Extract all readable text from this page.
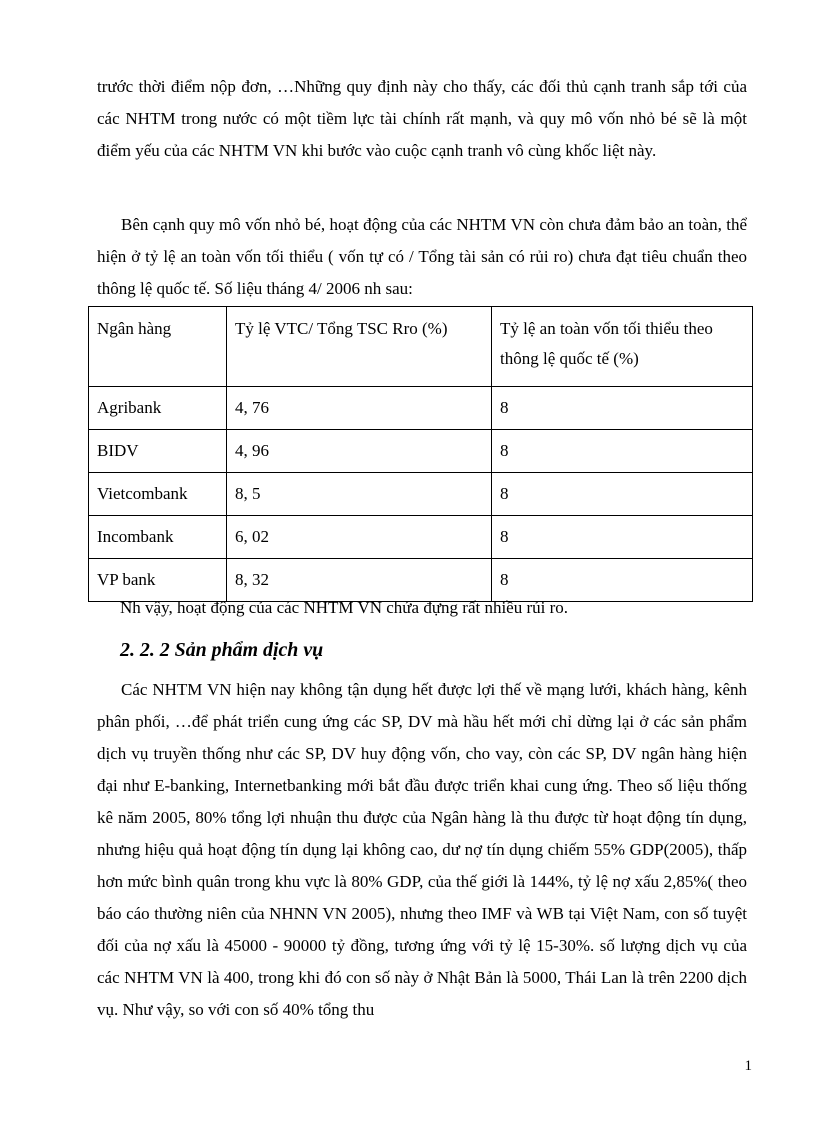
trước thời điểm nộp đơn, …Những quy định này cho thấy, các đối thủ cạnh tranh sắp tới của các NHTM trong nước có một tiềm lực tài chính rất mạnh, và quy mô vốn nhỏ bé sẽ là một điểm yếu của các NHTM VN khi bước vào cuộc cạnh tranh vô cùng khốc liệt này.

Bên cạnh quy mô vốn nhỏ bé, hoạt động của các NHTM VN còn chưa đảm bảo an toàn, thể hiện ở tỷ lệ an toàn vốn tối thiểu ( vốn tự có / Tổng tài sản có rủi ro) chưa đạt tiêu chuẩn theo thông lệ quốc tế. Số liệu tháng 4/ 2006 nh sau:

Ngân hàng	Tỷ lệ VTC/ Tổng TSC Rro (%)	Tỷ lệ an toàn vốn tối thiểu theo thông lệ quốc tế (%)
Agribank	4, 76	8
BIDV	4, 96	8
Vietcombank	8, 5	8
Incombank	6, 02	8
VP bank	8, 32	8

Nh vậy, hoạt động của các NHTM VN chứa đựng rất nhiều rủi ro.

2. 2. 2 Sản phẩm dịch vụ

Các NHTM VN hiện nay không tận dụng hết được lợi thế về mạng lưới, khách hàng, kênh phân phối, …để phát triển cung ứng các SP, DV mà hầu hết mới chỉ dừng lại ở các sản phẩm dịch vụ truyền thống như các SP, DV huy động vốn, cho vay, còn các SP, DV ngân hàng hiện đại như E-banking, Internetbanking mới bắt đầu được triển khai cung ứng. Theo số liệu thống kê năm 2005, 80% tổng lợi nhuận thu được của Ngân hàng là thu được từ hoạt động tín dụng, nhưng hiệu quả hoạt động tín dụng lại không cao, dư nợ tín dụng chiếm 55% GDP(2005), thấp hơn mức bình quân trong khu vực là 80% GDP, của thế giới là 144%, tỷ lệ nợ xấu 2,85%( theo báo cáo thường niên của NHNN VN 2005), nhưng theo IMF và WB tại Việt Nam, con số tuyệt đối của nợ xấu là 45000 - 90000 tỷ đồng, tương ứng với tỷ lệ 15-30%. số lượng dịch vụ của các NHTM VN là 400, trong khi đó con số này ở Nhật Bản là 5000, Thái Lan là trên 2200 dịch vụ. Như vậy, so với con số 40% tổng thu

1
